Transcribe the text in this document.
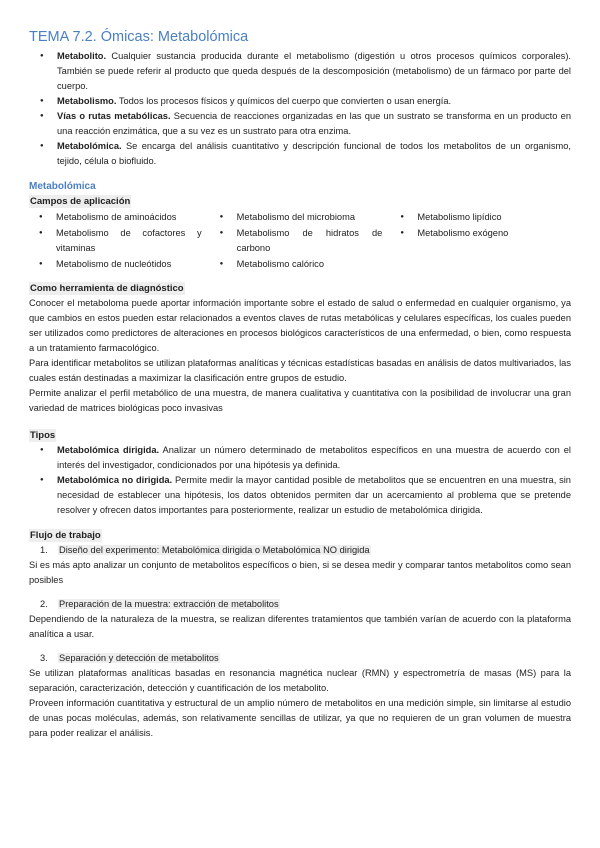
TEMA 7.2. Ómicas: Metabolómica
● Metabolito. Cualquier sustancia producida durante el metabolismo (digestión u otros procesos químicos corporales). También se puede referir al producto que queda después de la descomposición (metabolismo) de un fármaco por parte del cuerpo.
● Metabolismo. Todos los procesos físicos y químicos del cuerpo que convierten o usan energía.
● Vías o rutas metabólicas. Secuencia de reacciones organizadas en las que un sustrato se transforma en un producto en una reacción enzimática, que a su vez es un sustrato para otra enzima.
● Metabolómica. Se encarga del análisis cuantitativo y descripción funcional de todos los metabolitos de un organismo, tejido, célula o biofluido.
Metabolómica
Campos de aplicación
● Metabolismo de aminoácidos
● Metabolismo de cofactores y vitaminas
● Metabolismo de nucleótidos
● Metabolismo del microbioma
● Metabolismo de hidratos de carbono
● Metabolismo calórico
● Metabolismo lipídico
● Metabolismo exógeno
Como herramienta de diagnóstico

Conocer el metaboloma puede aportar información importante sobre el estado de salud o enfermedad en cualquier organismo, ya que cambios en estos pueden estar relacionados a eventos claves de rutas metabólicas y celulares específicas, los cuales pueden ser utilizados como predictores de alteraciones en procesos biológicos característicos de una enfermedad, o bien, como respuesta a un tratamiento farmacológico.

Para identificar metabolitos se utilizan plataformas analíticas y técnicas estadísticas basadas en análisis de datos multivariados, las cuales están destinadas a maximizar la clasificación entre grupos de estudio.

Permite analizar el perfil metabólico de una muestra, de manera cualitativa y cuantitativa con la posibilidad de involucrar una gran variedad de matrices biológicas poco invasivas

Tipos
● Metabolómica dirigida. Analizar un número determinado de metabolitos específicos en una muestra de acuerdo con el interés del investigador, condicionados por una hipótesis ya definida.
● Metabolómica no dirigida. Permite medir la mayor cantidad posible de metabolitos que se encuentren en una muestra, sin necesidad de establecer una hipótesis, los datos obtenidos permiten dar un acercamiento al problema que se pretende resolver y ofrecen datos importantes para posteriormente, realizar un estudio de metabolómica dirigida.
Flujo de trabajo
1. Diseño del experimento: Metabolómica dirigida o Metabolómica NO dirigida

Si es más apto analizar un conjunto de metabolitos específicos o bien, si se desea medir y comparar tantos metabolitos como sean posibles

2. Preparación de la muestra: extracción de metabolitos

Dependiendo de la naturaleza de la muestra, se realizan diferentes tratamientos que también varían de acuerdo con la plataforma analítica a usar.

3. Separación y detección de metabolitos

Se utilizan plataformas analíticas basadas en resonancia magnética nuclear (RMN) y espectrometría de masas (MS) para la separación, caracterización, detección y cuantificación de los metabolito.

Proveen información cuantitativa y estructural de un amplio número de metabolitos en una medición simple, sin limitarse al estudio de unas pocas moléculas, además, son relativamente sencillas de utilizar, ya que no requieren de un gran volumen de muestra para poder realizar el análisis.
